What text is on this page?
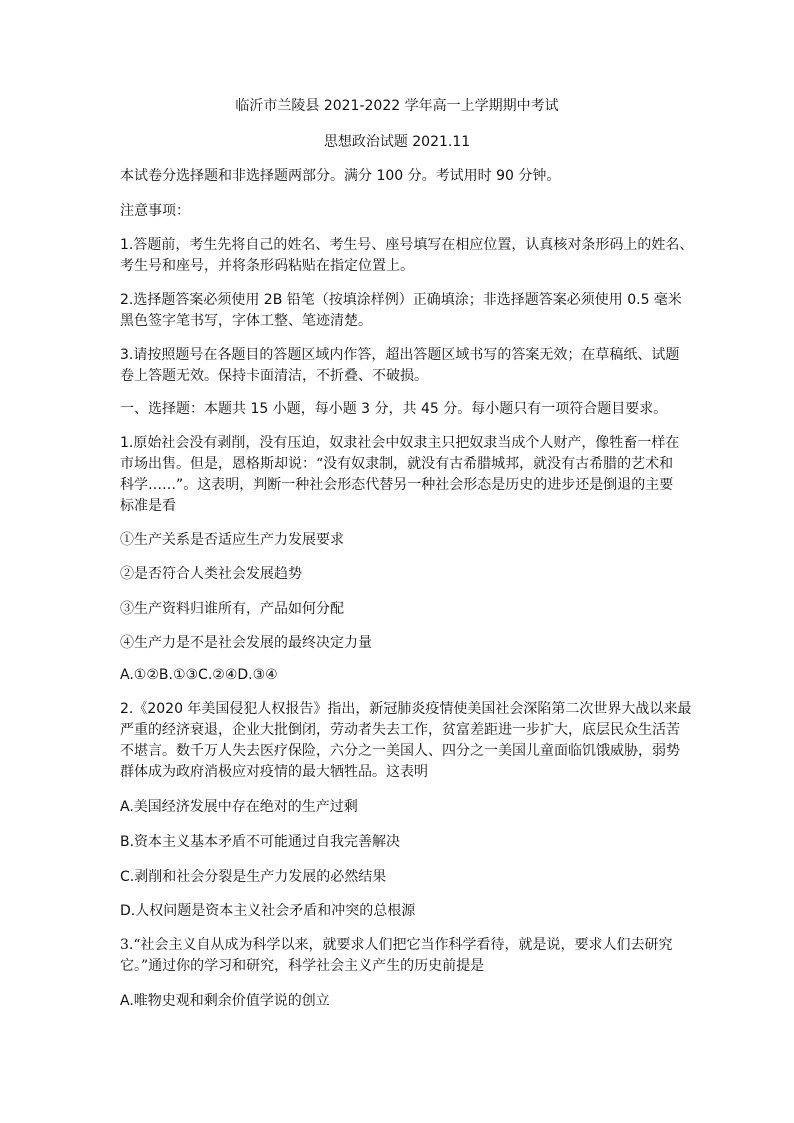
临沂市兰陵县 2021-2022 学年高一上学期期中考试
思想政治试题 2021.11
本试卷分选择题和非选择题两部分。满分 100 分。考试用时 90 分钟。
注意事项：
1.答题前，考生先将自己的姓名、考生号、座号填写在相应位置，认真核对条形码上的姓名、
考生号和座号，并将条形码粘贴在指定位置上。
2.选择题答案必须使用 2B 铅笔（按填涂样例）正确填涂；非选择题答案必须使用 0.5 毫米
黑色签字笔书写，字体工整、笔迹清楚。
3.请按照题号在各题目的答题区域内作答，超出答题区域书写的答案无效；在草稿纸、试题
卷上答题无效。保持卡面清洁，不折叠、不破损。
一、选择题：本题共 15 小题，每小题 3 分，共 45 分。每小题只有一项符合题目要求。
1.原始社会没有剥削，没有压迫，奴隶社会中奴隶主只把奴隶当成个人财产，像牲畜一样在
市场出售。但是，恩格斯却说：“没有奴隶制，就没有古希腊城邦，就没有古希腊的艺术和
科学……”。这表明，判断一种社会形态代替另一种社会形态是历史的进步还是倒退的主要
标准是看
①生产关系是否适应生产力发展要求
②是否符合人类社会发展趋势
③生产资料归谁所有，产品如何分配
④生产力是不是社会发展的最终决定力量
A.①②B.①③C.②④D.③④
2.《2020 年美国侵犯人权报告》指出，新冠肺炎疫情使美国社会深陷第二次世界大战以来最
严重的经济衰退，企业大批倒闭，劳动者失去工作，贫富差距进一步扩大，底层民众生活苦
不堪言。数千万人失去医疗保险，六分之一美国人、四分之一美国儿童面临饥饿威胁，弱势
群体成为政府消极应对疫情的最大牺牲品。这表明
A.美国经济发展中存在绝对的生产过剩
B.资本主义基本矛盾不可能通过自我完善解决
C.剥削和社会分裂是生产力发展的必然结果
D.人权问题是资本主义社会矛盾和冲突的总根源
3.“社会主义自从成为科学以来，就要求人们把它当作科学看待，就是说，要求人们去研究
它。”通过你的学习和研究，科学社会主义产生的历史前提是
A.唯物史观和剩余价值学说的创立
